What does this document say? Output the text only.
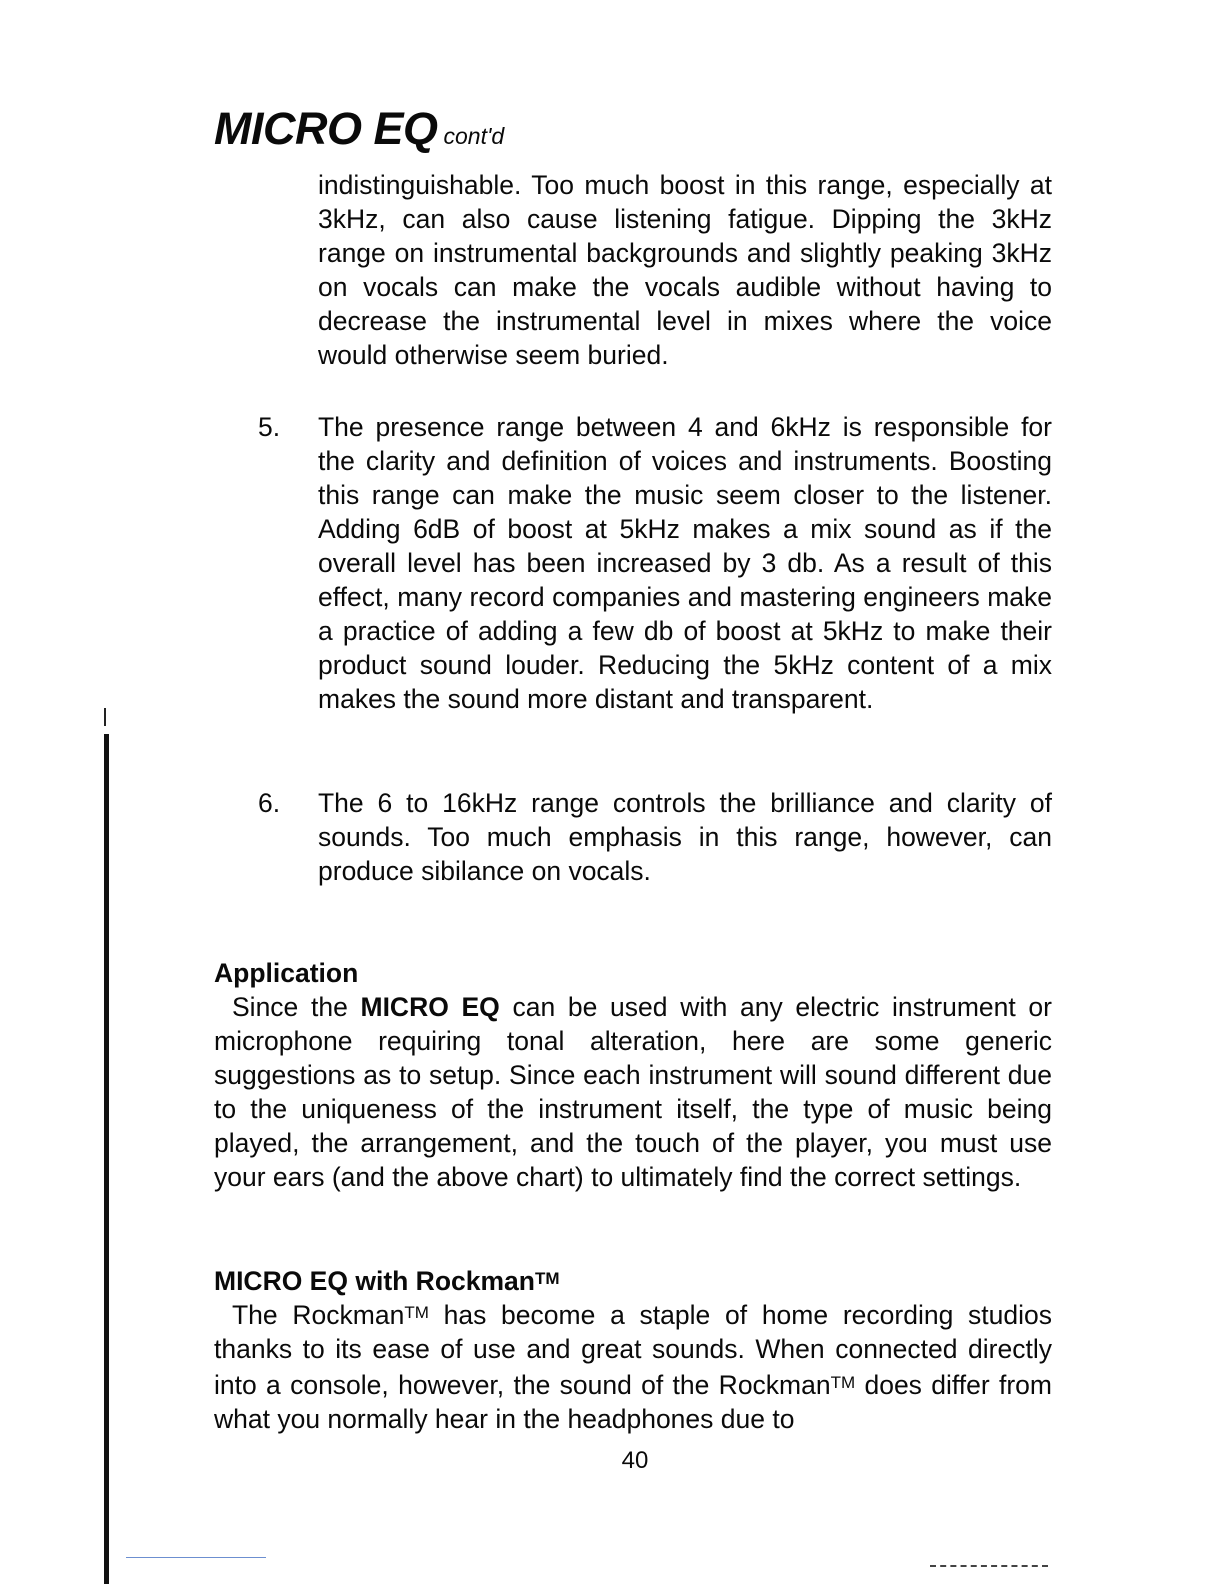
MICRO EQ cont'd

indistinguishable. Too much boost in this range, especially at 3kHz, can also cause listening fatigue. Dipping the 3kHz range on instrumental backgrounds and slightly peaking 3kHz on vocals can make the vocals audible without having to decrease the instrumental level in mixes where the voice would otherwise seem buried.

5. The presence range between 4 and 6kHz is responsible for the clarity and definition of voices and instruments. Boosting this range can make the music seem closer to the listener. Adding 6dB of boost at 5kHz makes a mix sound as if the overall level has been increased by 3 db. As a result of this effect, many record companies and mastering engineers make a practice of adding a few db of boost at 5kHz to make their product sound louder. Reducing the 5kHz content of a mix makes the sound more distant and transparent.
6. The 6 to 16kHz range controls the brilliance and clarity of sounds. Too much emphasis in this range, however, can produce sibilance on vocals.
Application

Since the MICRO EQ can be used with any electric instrument or microphone requiring tonal alteration, here are some generic suggestions as to setup. Since each instrument will sound different due to the uniqueness of the instrument itself, the type of music being played, the arrangement, and the touch of the player, you must use your ears (and the above chart) to ultimately find the correct settings.

MICRO EQ with Rockman™

The Rockman™ has become a staple of home recording studios thanks to its ease of use and great sounds. When connected directly into a console, however, the sound of the Rockman™ does differ from what you normally hear in the headphones due to

40
